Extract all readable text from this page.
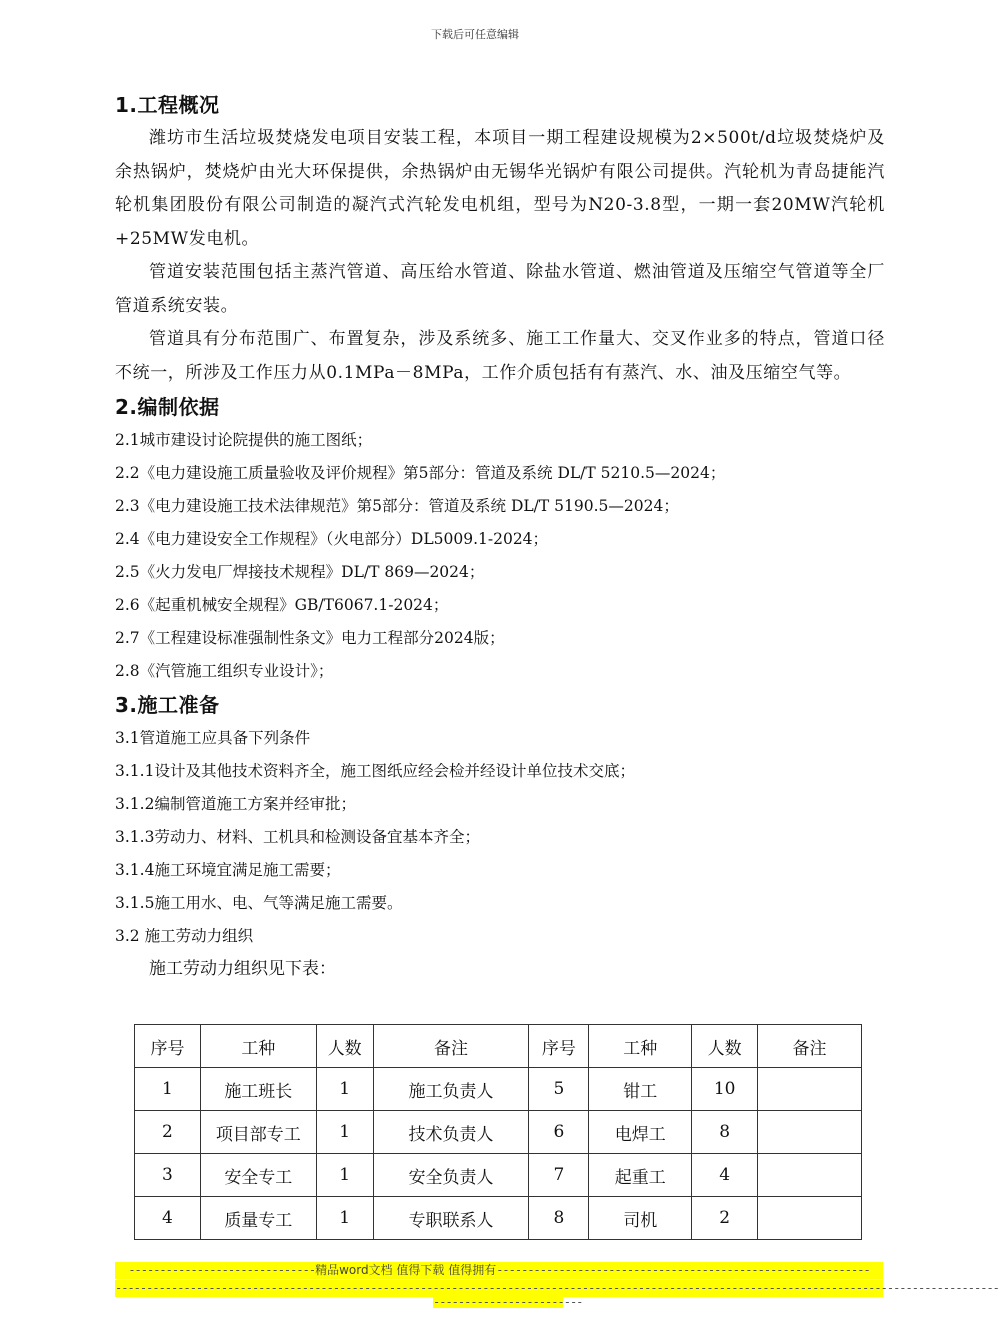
下载后可任意编辑
1.工程概况

潍坊市生活垃圾焚烧发电项目安装工程，本项目一期工程建设规模为2×500t/d垃圾焚烧炉及余热锅炉，焚烧炉由光大环保提供，余热锅炉由无锡华光锅炉有限公司提供。汽轮机为青岛捷能汽轮机集团股份有限公司制造的凝汽式汽轮发电机组，型号为N20-3.8型，一期一套20MW汽轮机+25MW发电机。

管道安装范围包括主蒸汽管道、高压给水管道、除盐水管道、燃油管道及压缩空气管道等全厂管道系统安装。

管道具有分布范围广、布置复杂，涉及系统多、施工工作量大、交叉作业多的特点，管道口径不统一，所涉及工作压力从0.1MPa－8MPa，工作介质包括有有蒸汽、水、油及压缩空气等。

2.编制依据

2.1城市建设讨论院提供的施工图纸；

2.2《电力建设施工质量验收及评价规程》第5部分：管道及系统 DL/T 5210.5—2024；

2.3《电力建设施工技术法律规范》第5部分：管道及系统 DL/T 5190.5—2024；

2.4《电力建设安全工作规程》（火电部分）DL5009.1-2024；

2.5《火力发电厂焊接技术规程》DL/T 869—2024；

2.6《起重机械安全规程》GB/T6067.1-2024；

2.7《工程建设标准强制性条文》电力工程部分2024版；

2.8《汽管施工组织专业设计》；

3.施工准备

3.1管道施工应具备下列条件

3.1.1设计及其他技术资料齐全，施工图纸应经会检并经设计单位技术交底；

3.1.2编制管道施工方案并经审批；

3.1.3劳动力、材料、工机具和检测设备宜基本齐全；

3.1.4施工环境宜满足施工需要；

3.1.5施工用水、电、气等满足施工需要。

3.2 施工劳动力组织

施工劳动力组织见下表：

序号	工种	人数	备注	序号	工种	人数	备注
1	施工班长	1	施工负责人	5	钳工	10	
2	项目部专工	1	技术负责人	6	电焊工	8	
3	安全专工	1	安全负责人	7	起重工	4	
4	质量专工	1	专职联系人	8	司机	2	
------------------------------精品word文档 值得下载 值得拥有------------------------------------------------------------
----------------------------------------------------------------------------------------------------------------------------------------------
------------------------
